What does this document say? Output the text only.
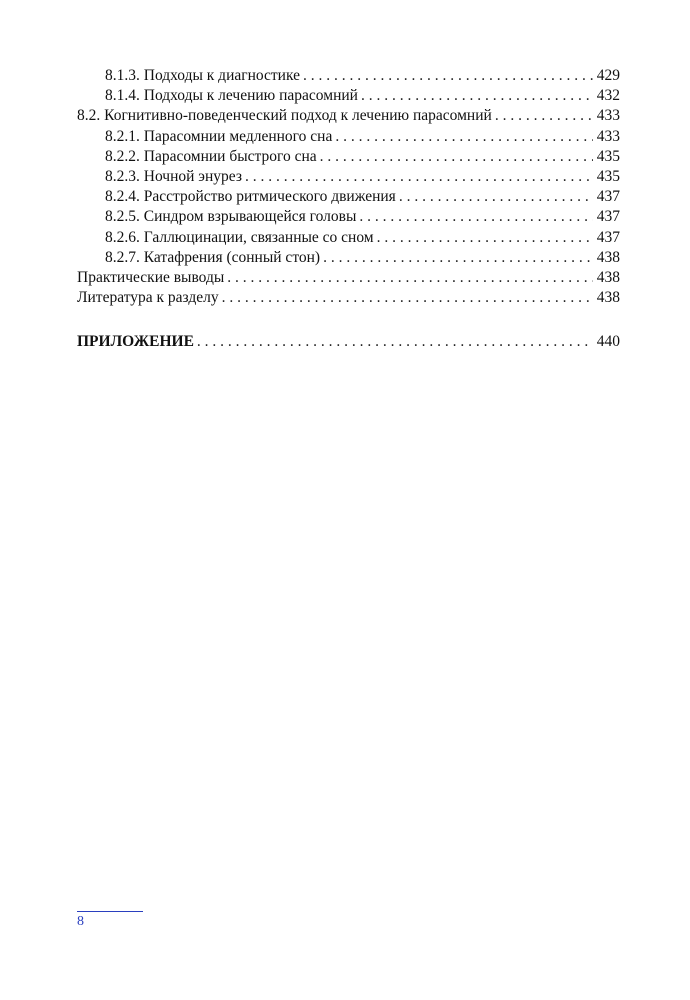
8.1.3. Подходы к диагностике . . .	429
8.1.4. Подходы к лечению парасомний . . .	432
8.2. Когнитивно-поведенческий подход к лечению парасомний . . .	433
8.2.1. Парасомнии медленного сна . . .	433
8.2.2. Парасомнии быстрого сна . . .	435
8.2.3. Ночной энурез . . .	435
8.2.4. Расстройство ритмического движения . . .	437
8.2.5. Синдром взрывающейся головы . . .	437
8.2.6. Галлюцинации, связанные со сном . . .	437
8.2.7. Катафрения (сонный стон) . . .	438
Практические выводы . . .	438
Литература к разделу . . .	438
ПРИЛОЖЕНИЕ . . .	440
8
